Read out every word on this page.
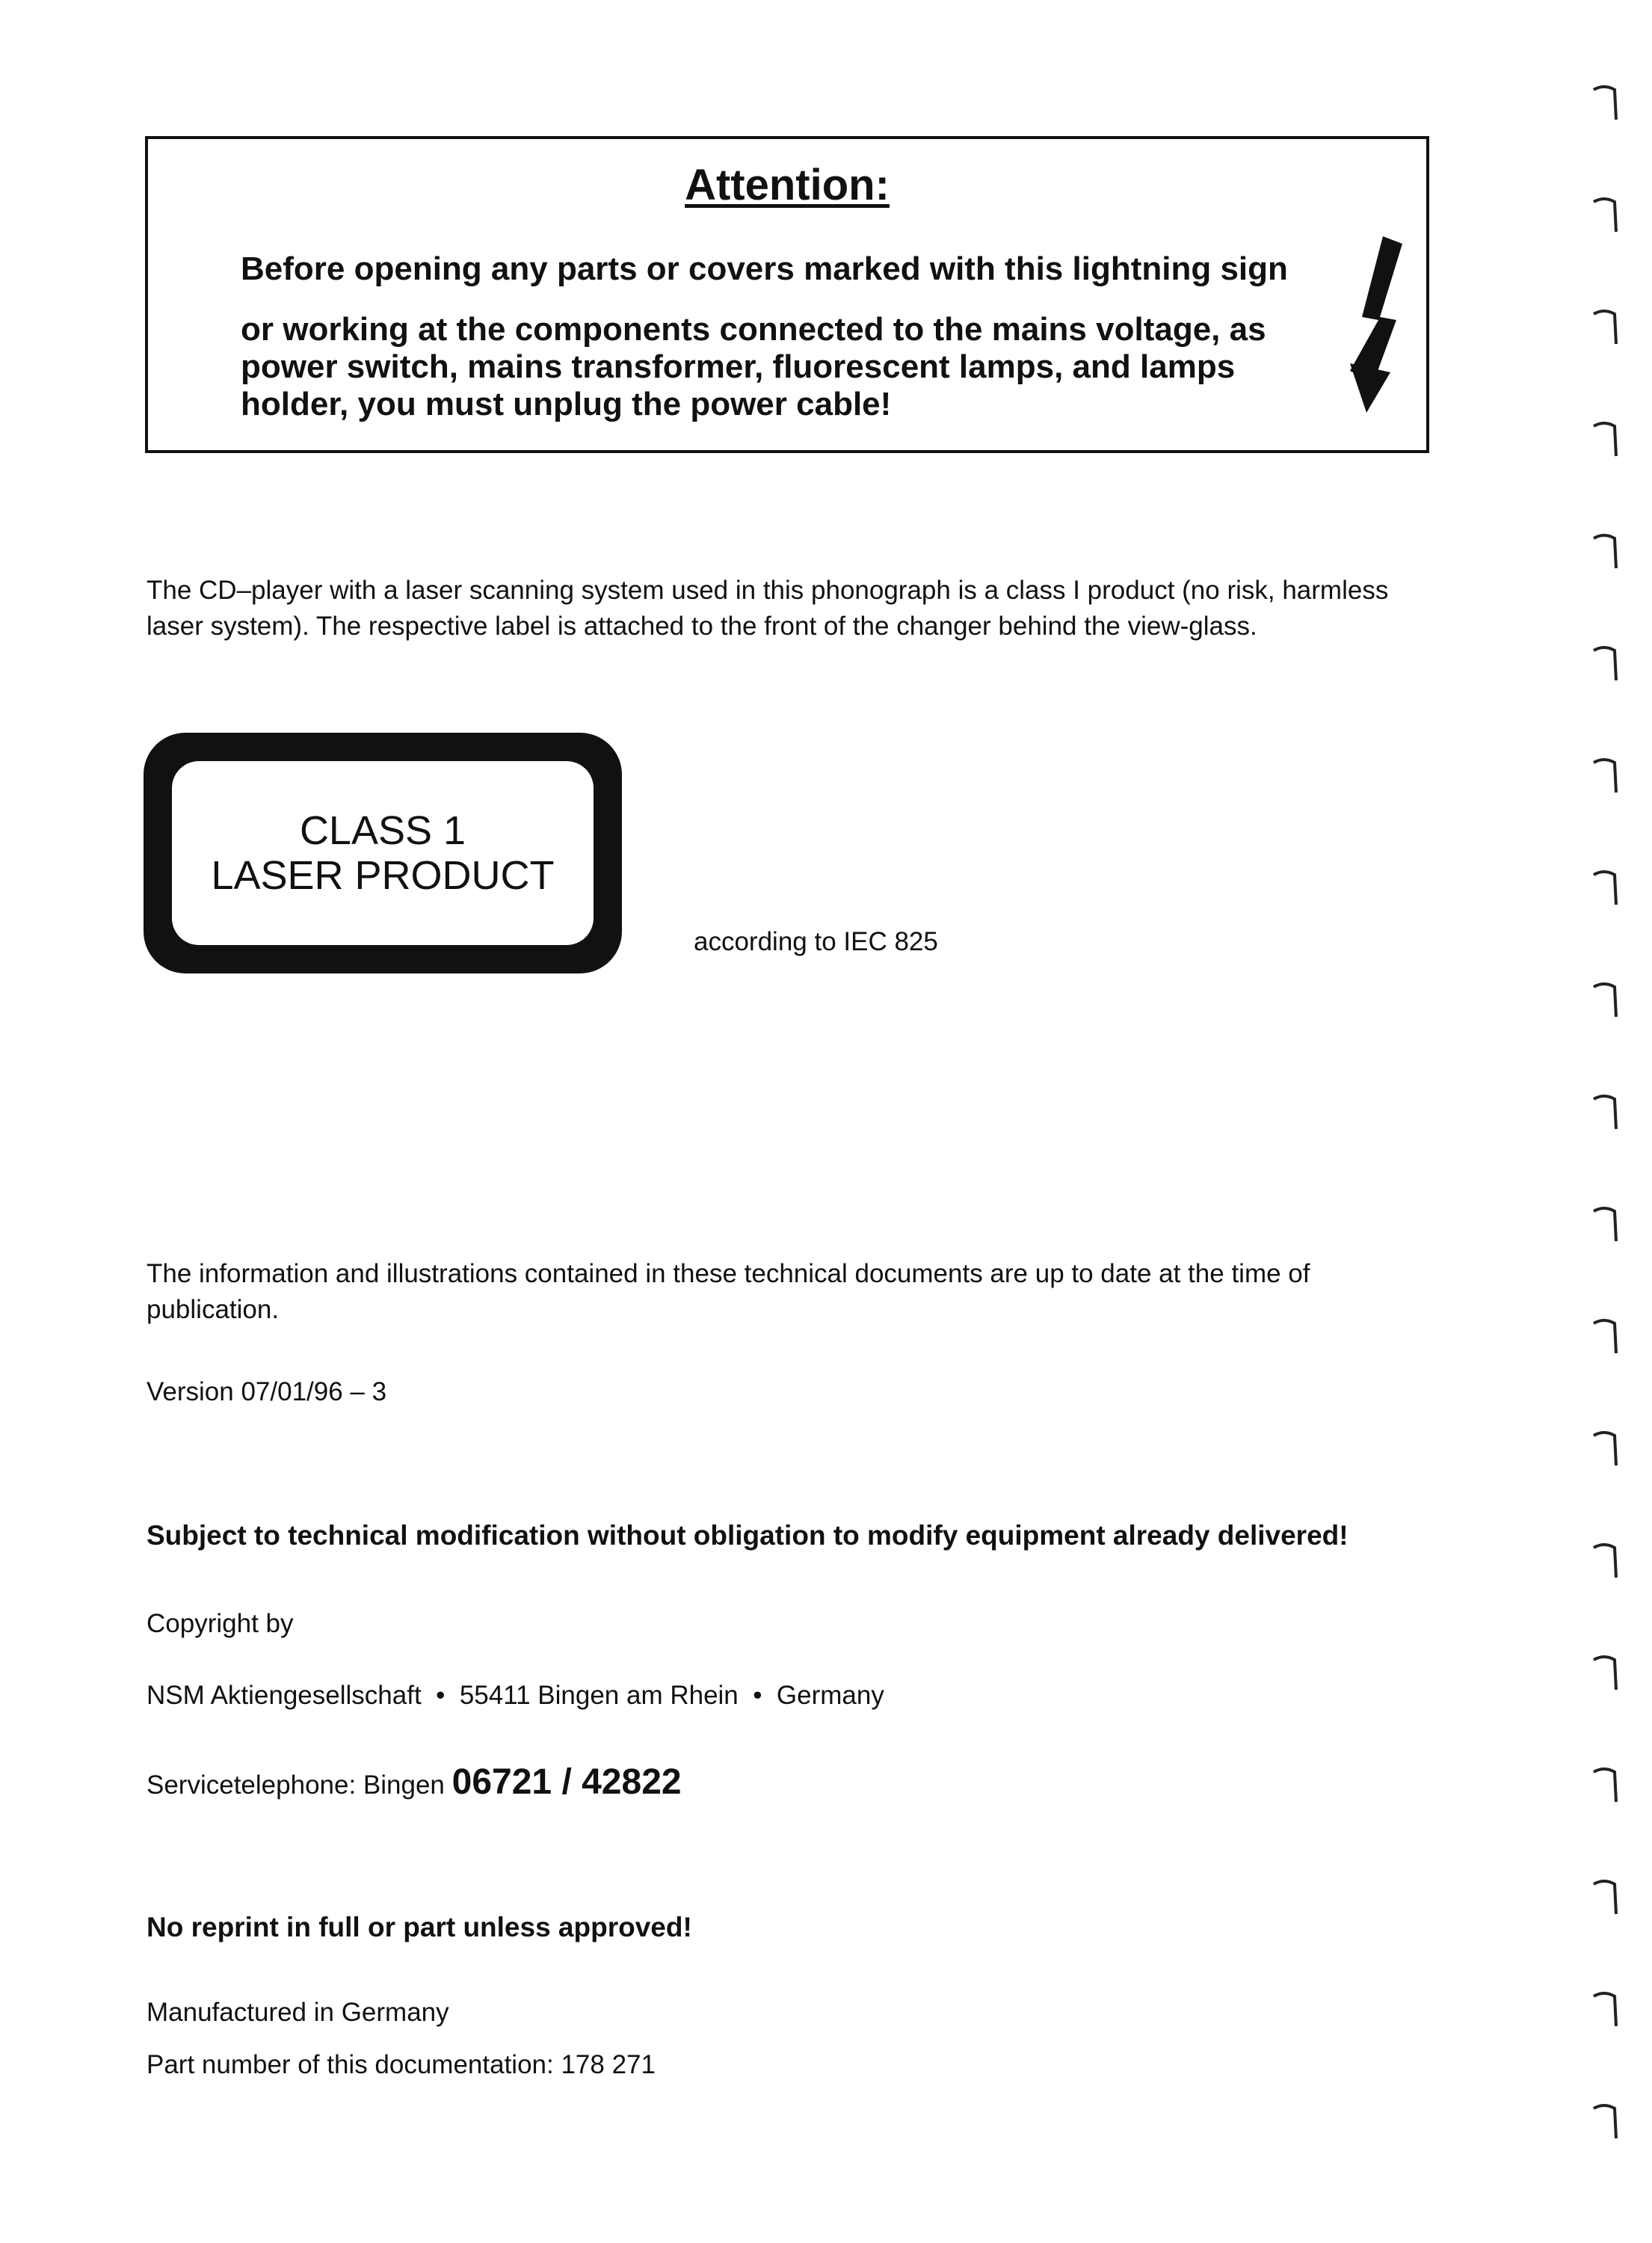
Attention:
Before opening any parts or covers marked with this lightning sign
or working at the components connected to the mains voltage, as power switch, mains transformer, fluorescent lamps, and lamps holder, you must unplug the power cable!
The CD–player with a laser scanning system used in this phonograph is a class I product (no risk, harmless laser system). The respective label is attached to the front of the changer behind the view-glass.
CLASS 1
LASER PRODUCT
according to IEC 825
The information and illustrations contained in these technical documents are up to date at the time of publication.
Version 07/01/96 – 3
Subject to technical modification without obligation to modify equipment already delivered!
Copyright by
NSM Aktiengesellschaft  •  55411 Bingen am Rhein  •  Germany
Servicetelephone: Bingen 06721 / 42822
No reprint in full or part unless approved!
Manufactured in Germany
Part number of this documentation: 178 271
